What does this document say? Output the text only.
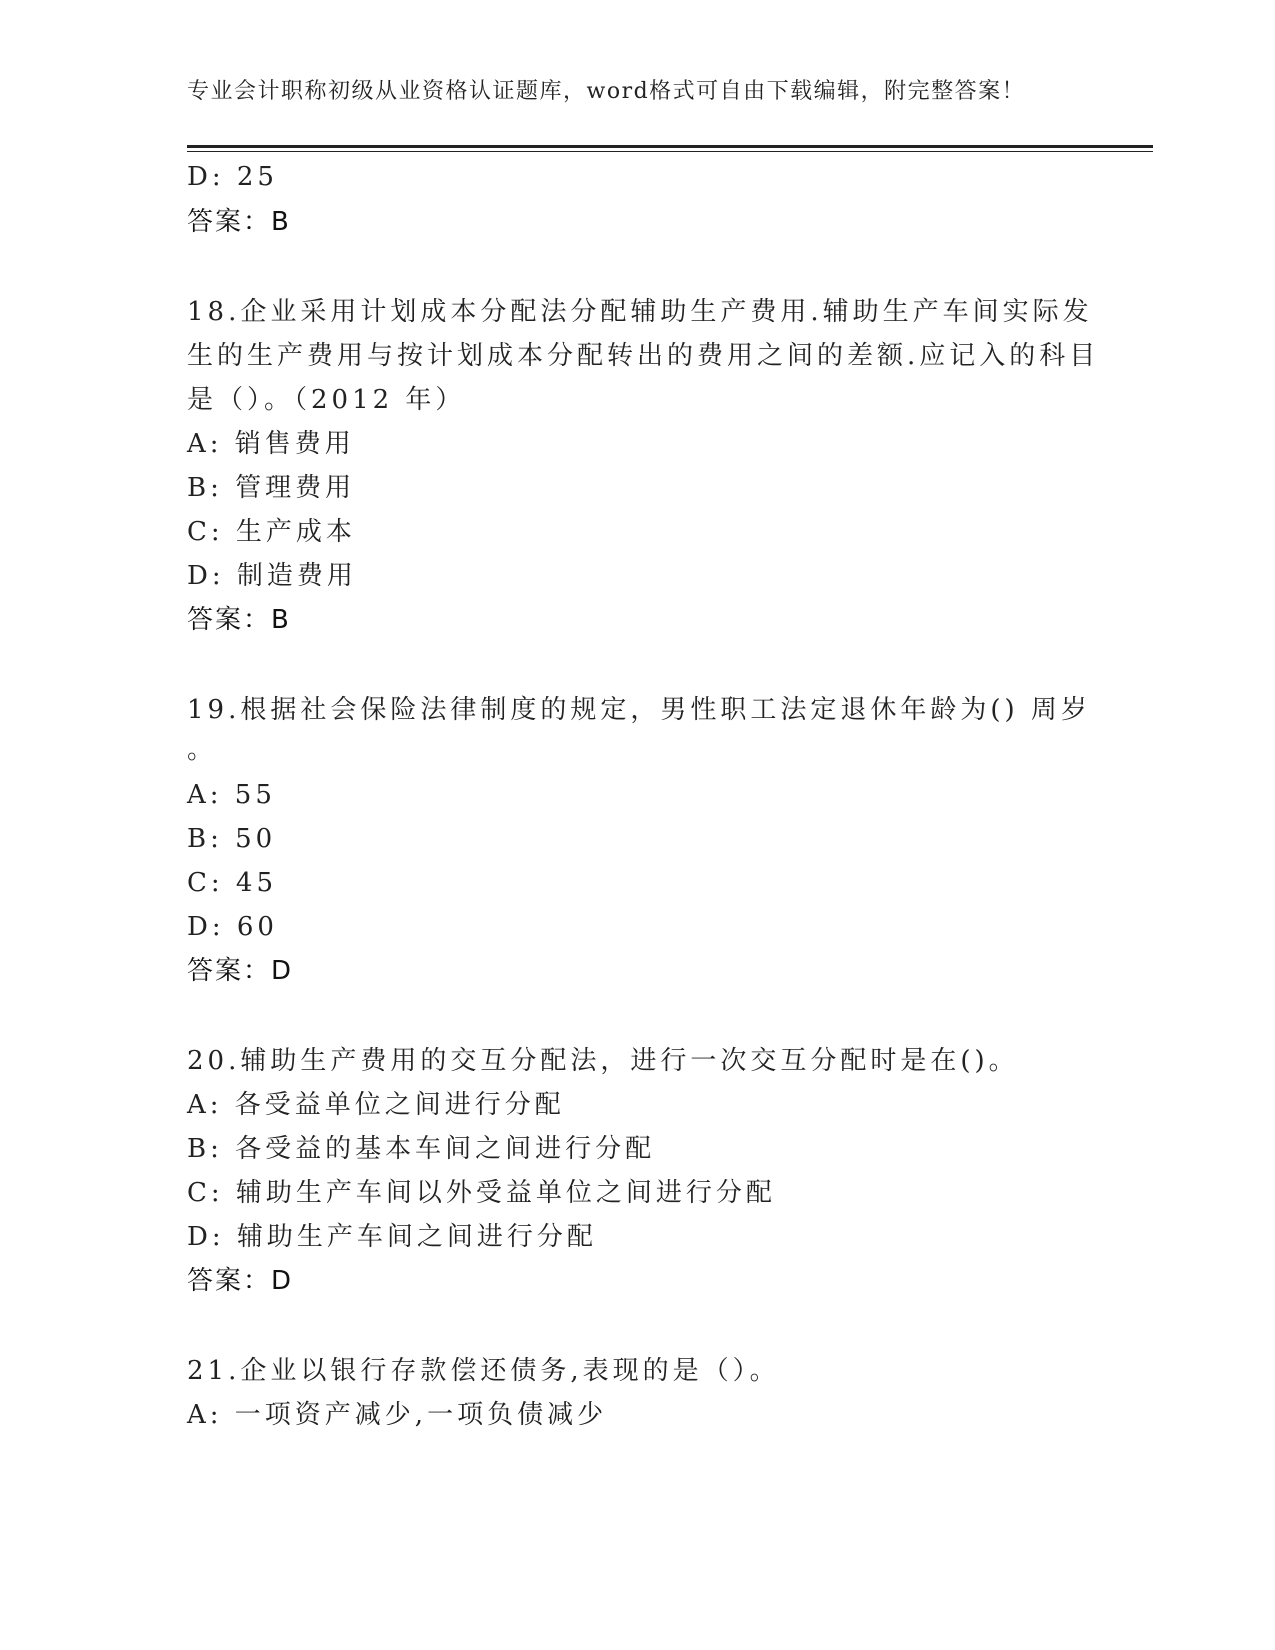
专业会计职称初级从业资格认证题库，word格式可自由下载编辑，附完整答案！
D: 25
答案：B
18.企业采用计划成本分配法分配辅助生产费用.辅助生产车间实际发
生的生产费用与按计划成本分配转出的费用之间的差额.应记入的科目
是（）。（2012 年）
A: 销售费用
B: 管理费用
C: 生产成本
D: 制造费用
答案：B
19.根据社会保险法律制度的规定，男性职工法定退休年龄为() 周岁
。
A: 55
B: 50
C: 45
D: 60
答案：D
20.辅助生产费用的交互分配法，进行一次交互分配时是在()。
A: 各受益单位之间进行分配
B: 各受益的基本车间之间进行分配
C: 辅助生产车间以外受益单位之间进行分配
D: 辅助生产车间之间进行分配
答案：D
21.企业以银行存款偿还债务,表现的是（）。
A: 一项资产减少,一项负债减少
